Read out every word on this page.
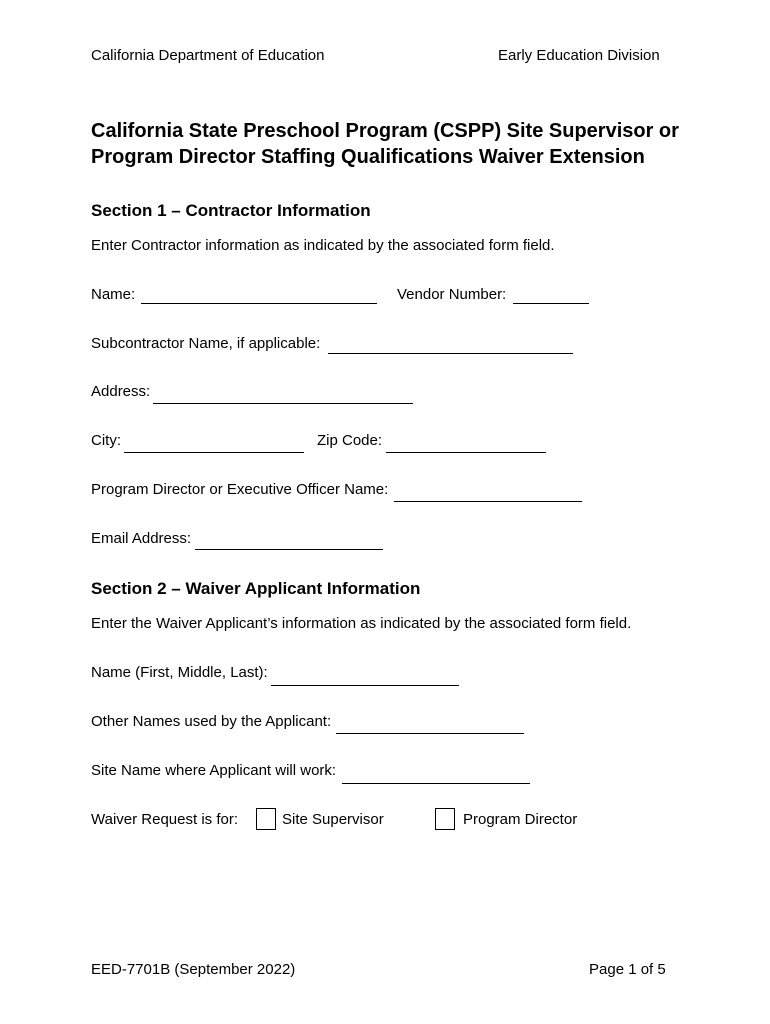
California Department of Education	Early Education Division
California State Preschool Program (CSPP) Site Supervisor or Program Director Staffing Qualifications Waiver Extension
Section 1 – Contractor Information
Enter Contractor information as indicated by the associated form field.
Name:	Vendor Number:
Subcontractor Name, if applicable:
Address:
City:	Zip Code:
Program Director or Executive Officer Name:
Email Address:
Section 2 – Waiver Applicant Information
Enter the Waiver Applicant’s information as indicated by the associated form field.
Name (First, Middle, Last):
Other Names used by the Applicant:
Site Name where Applicant will work:
Waiver Request is for:	Site Supervisor	Program Director
EED-7701B (September 2022)	Page 1 of 5
